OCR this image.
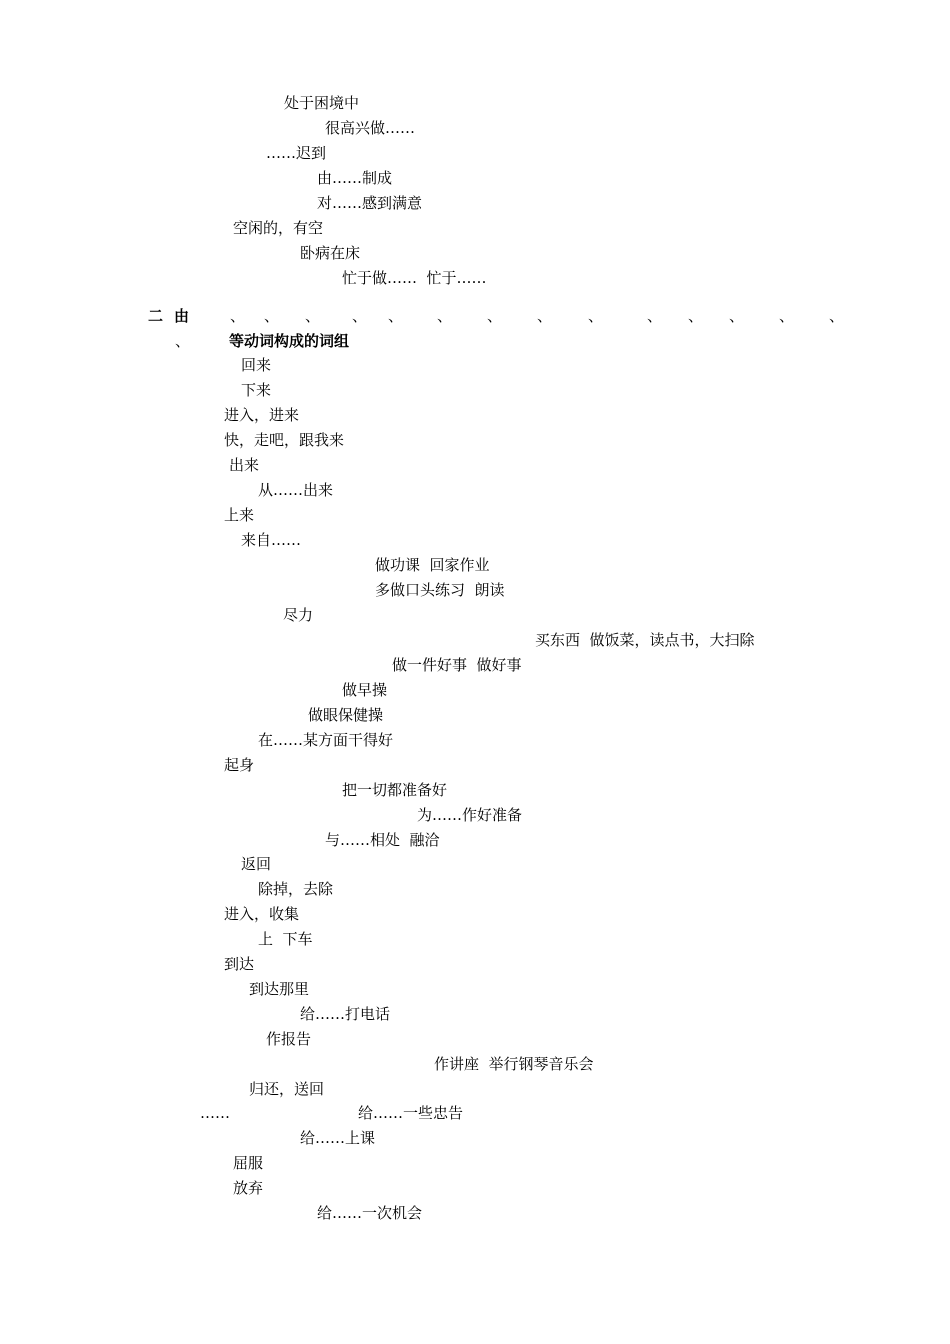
处于困境中
很高兴做……
……迟到
由……制成
对……感到满意
空闲的，有空
卧病在床
忙于做……  忙于……
二 由	、 、 、 、 、 、 、 、 、	、 、 、 、 、
、	等动词构成的词组
回来
下来
进入，进来
快，走吧，跟我来
出来
从……出来
上来
来自……
做功课  回家作业
多做口头练习  朗读
尽力
买东西  做饭菜，读点书，大扫除
做一件好事  做好事
做早操
做眼保健操
在……某方面干得好
起身
把一切都准备好
为……作好准备
与……相处  融洽
返回
除掉，去除
进入，收集
上  下车
到达
到达那里
给……打电话
作报告
作讲座  举行钢琴音乐会
归还，送回
……	给……一些忠告
给……上课
屈服
放弃
给……一次机会
